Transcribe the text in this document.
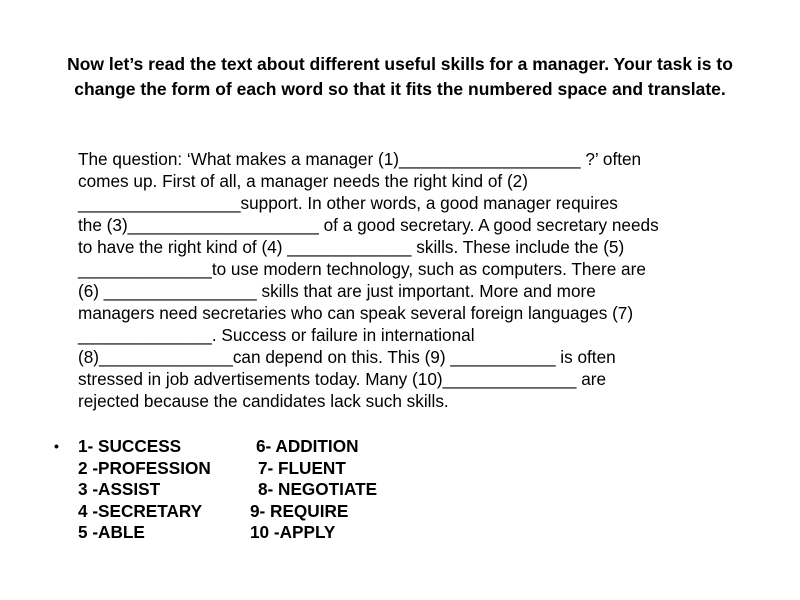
Now let’s read the text about different useful skills for a manager. Your task is to change the form of each word so that it fits the numbered space and translate.

The question: ‘What makes a manager (1)___________________ ?’ often
comes up. First of all, a manager needs the right kind of (2)
_________________support. In other words, a good manager requires
the (3)____________________ of a good secretary. A good secretary needs
to have the right kind of (4) _____________ skills. These include the (5)
______________to use modern technology, such as computers. There are
(6) ________________ skills that are just important. More and more
managers need secretaries who can speak several foreign languages (7)
______________. Success or failure in international
(8)______________can depend on this. This (9) ___________ is often
stressed in job advertisements today. Many (10)______________ are
rejected because the candidates lack such skills.

• 1- SUCCESS	6- ADDITION
2 -PROFESSION	7- FLUENT
3 -ASSIST	8- NEGOTIATE
4 -SECRETARY	9- REQUIRE
5 -ABLE	10 -APPLY
